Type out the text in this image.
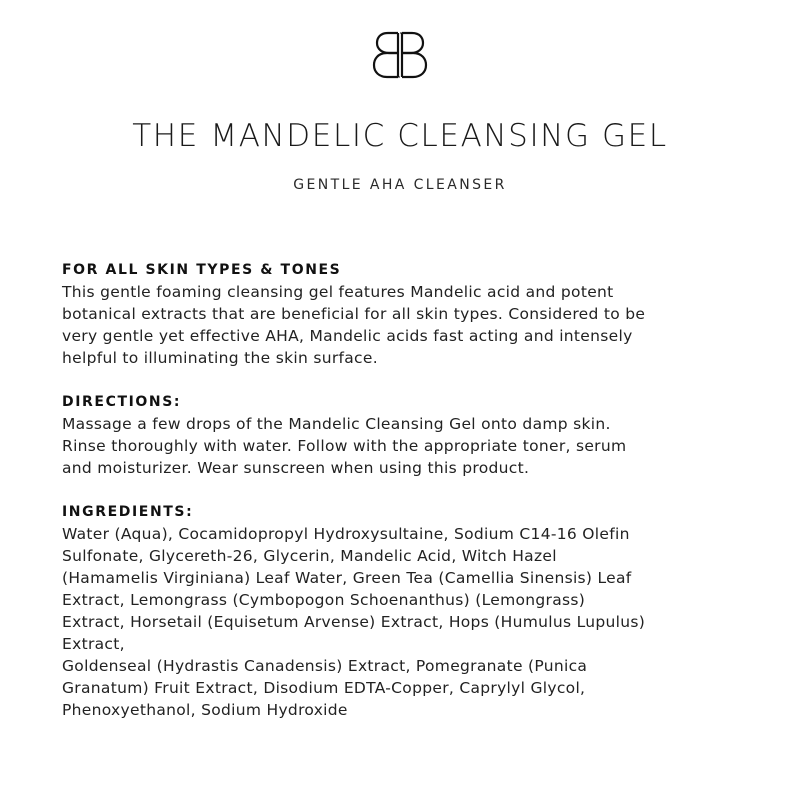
THE MANDELIC CLEANSING GEL
GENTLE AHA CLEANSER
FOR ALL SKIN TYPES & TONES
This gentle foaming cleansing gel features Mandelic acid and potent
botanical extracts that are beneficial for all skin types. Considered to be
very gentle yet effective AHA, Mandelic acids fast acting and intensely
helpful to illuminating the skin surface.
DIRECTIONS:
Massage a few drops of the Mandelic Cleansing Gel onto damp skin.
Rinse thoroughly with water. Follow with the appropriate toner, serum
and moisturizer. Wear sunscreen when using this product.
INGREDIENTS:
Water (Aqua), Cocamidopropyl Hydroxysultaine, Sodium C14-16 Olefin
Sulfonate, Glycereth-26, Glycerin, Mandelic Acid, Witch Hazel
(Hamamelis Virginiana) Leaf Water, Green Tea (Camellia Sinensis) Leaf
Extract, Lemongrass (Cymbopogon Schoenanthus) (Lemongrass)
Extract, Horsetail (Equisetum Arvense) Extract, Hops (Humulus Lupulus)
Extract,
Goldenseal (Hydrastis Canadensis) Extract, Pomegranate (Punica
Granatum) Fruit Extract, Disodium EDTA-Copper, Caprylyl Glycol,
Phenoxyethanol, Sodium Hydroxide
